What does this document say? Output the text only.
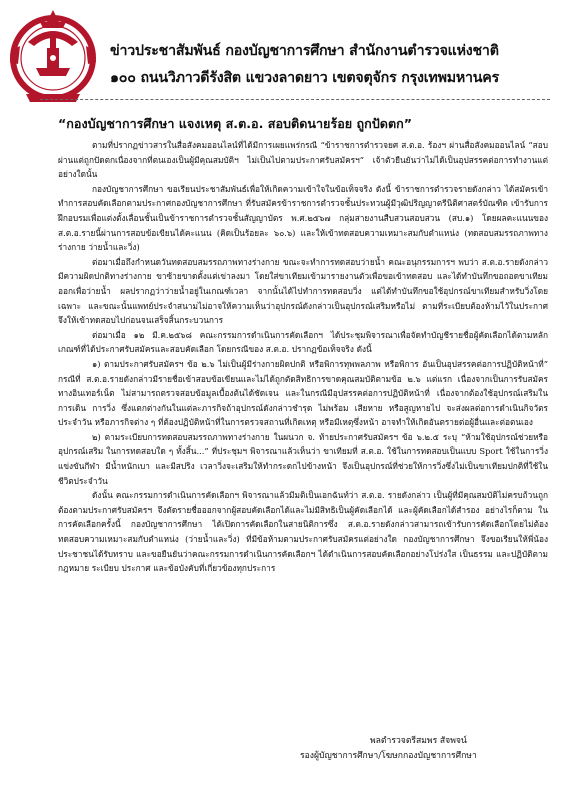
ข่าวประชาสัมพันธ์ กองบัญชาการศึกษา สำนักงานตำรวจแห่งชาติ
๑๐๐ ถนนวิภาวดีรังสิต แขวงลาดยาว เขตจตุจักร กรุงเทพมหานคร
“กองบัญชาการศึกษา แจงเหตุ ส.ต.อ. สอบติดนายร้อย ถูกปัดตก”

ตามที่ปรากฏข่าวสารในสื่อสังคมออนไลน์ที่ได้มีการเผยแพร่กรณี “ข้าราชการตำรวจยศ ส.ต.อ. ร้องฯ ผ่านสื่อสังคมออนไลน์ “สอบผ่านแต่ถูกปัดตกเนื่องจากที่ตนเองเป็นผู้มีคุณสมบัติฯ ไม่เป็นไปตามประกาศรับสมัครฯ” เจ้าตัวยืนยันว่าไม่ได้เป็นอุปสรรคต่อการทำงานแต่อย่างใดนั้น

กองบัญชาการศึกษา ขอเรียนประชาสัมพันธ์เพื่อให้เกิดความเข้าใจในข้อเท็จจริง ดังนี้ ข้าราชการตำรวจรายดังกล่าว ได้สมัครเข้าทำการสอบคัดเลือกตามประกาศกองบัญชาการศึกษา ที่รับสมัครข้าราชการตำรวจชั้นประทวนผู้มีวุฒิปริญญาตรีนิติศาสตร์บัณฑิต เข้ารับการฝึกอบรมเพื่อแต่งตั้งเลื่อนชั้นเป็นข้าราชการตำรวจชั้นสัญญาบัตร พ.ศ.๒๕๖๗ กลุ่มสายงานสืบสวนสอบสวน (สบ.๑) โดยผลคะแนนของ ส.ต.อ.รายนี้ผ่านการสอบข้อเขียนได้คะแนน (คิดเป็นร้อยละ ๖๐.๖) และให้เข้าทดสอบความเหมาะสมกับตำแหน่ง (ทดสอบสมรรถภาพทางร่างกาย ว่ายน้ำและวิ่ง)

ต่อมาเมื่อถึงกำหนดวันทดสอบสมรรถภาพทางร่างกาย ขณะจะทำการทดสอบว่ายน้ำ คณะอนุกรรมการฯ พบว่า ส.ต.อ.รายดังกล่าว มีความผิดปกติทางร่างกาย ขาซ้ายขาดตั้งแต่เข่าลงมา โดยใส่ขาเทียมเข้ามารายงานตัวเพื่อขอเข้าทดสอบ และได้ทำบันทึกขอถอดขาเทียมออกเพื่อว่ายน้ำ ผลปรากฏว่าว่ายน้ำอยู่ในเกณฑ์เวลา จากนั้นได้ไปทำการทดสอบวิ่ง แต่ได้ทำบันทึกขอใช้อุปกรณ์ขาเทียมสำหรับวิ่งโดยเฉพาะ และขณะนั้นแพทย์ประจำสนามไม่อาจให้ความเห็นว่าอุปกรณ์ดังกล่าวเป็นอุปกรณ์เสริมหรือไม่ ตามที่ระเบียบต้องห้ามไว้ในประกาศ จึงให้เข้าทดสอบไปก่อนจนเสร็จสิ้นกระบวนการ

ต่อมาเมื่อ ๑๒ มี.ค.๒๕๖๘ คณะกรรมการดำเนินการคัดเลือกฯ ได้ประชุมพิจารณาเพื่อจัดทำบัญชีรายชื่อผู้คัดเลือกได้ตามหลักเกณฑ์ที่ได้ประกาศรับสมัครและสอบคัดเลือก โดยกรณีของ ส.ต.อ. ปรากฏข้อเท็จจริง ดังนี้

๑) ตามประกาศรับสมัครฯ ข้อ ๒.๖ ไม่เป็นผู้มีร่างกายผิดปกติ หรือพิการทุพพลภาพ หรือพิการ อันเป็นอุปสรรคต่อการปฏิบัติหน้าที่” กรณีที่ ส.ต.อ.รายดังกล่าวมีรายชื่อเข้าสอบข้อเขียนและไม่ได้ถูกตัดสิทธิการขาดคุณสมบัติตามข้อ ๒.๖ แต่แรก เนื่องจากเป็นการรับสมัครทางอินเทอร์เน็ต ไม่สามารถตรวจสอบข้อมูลเบื้องต้นได้ชัดเจน และในกรณีมีอุปสรรคต่อการปฏิบัติหน้าที่ เนื่องจากต้องใช้อุปกรณ์เสริมในการเดิน การวิ่ง ซึ่งแตกต่างกันในแต่ละภารกิจถ้าอุปกรณ์ดังกล่าวชำรุด ไม่พร้อม เสียหาย หรือสูญหายไป จะส่งผลต่อการดำเนินกิจวัตรประจำวัน หรือภารกิจต่าง ๆ ที่ต้องปฏิบัติหน้าที่ในการตรวจสถานที่เกิดเหตุ หรือมีเหตุซึ่งหน้า อาจทำให้เกิดอันตรายต่อผู้อื่นและต่อตนเอง

๒) ตามระเบียบการทดสอบสมรรถภาพทางร่างกาย ในผนวก จ. ท้ายประกาศรับสมัครฯ ข้อ ๖.๒.๕ ระบุ “ห้ามใช้อุปกรณ์ช่วยหรืออุปกรณ์เสริม ในการทดสอบใด ๆ ทั้งสิ้น...” ที่ประชุมฯ พิจารณาแล้วเห็นว่า ขาเทียมที่ ส.ต.อ. ใช้ในการทดสอบเป็นแบบ Sport ใช้ในการวิ่งแข่งขันกีฬา มีน้ำหนักเบา และมีสปริง เวลาวิ่งจะเสริมให้ทำกระดกไปข้างหน้า จึงเป็นอุปกรณ์ที่ช่วยให้การวิ่งซึ่งไม่เป็นขาเทียมปกติที่ใช้ในชีวิตประจำวัน

ดังนั้น คณะกรรมการดำเนินการคัดเลือกฯ พิจารณาแล้วมีมติเป็นเอกฉันท์ว่า ส.ต.อ. รายดังกล่าว เป็นผู้ที่มีคุณสมบัติไม่ครบถ้วนถูกต้องตามประกาศรับสมัครฯ จึงตัดรายชื่อออกจากผู้สอบคัดเลือกได้และไม่มีสิทธิเป็นผู้คัดเลือกได้ และผู้คัดเลือกได้สำรอง อย่างไรก็ตาม ในการคัดเลือกครั้งนี้ กองบัญชาการศึกษา ได้เปิดการคัดเลือกในสายนิติการซึ่ง ส.ต.อ.รายดังกล่าวสามารถเข้ารับการคัดเลือกโดยไม่ต้องทดสอบความเหมาะสมกับตำแหน่ง (ว่ายน้ำและวิ่ง) ที่มีข้อห้ามตามประกาศรับสมัครแต่อย่างใด กองบัญชาการศึกษา จึงขอเรียนให้พี่น้องประชาชนได้รับทราบ และขอยืนยันว่าคณะกรรมการดำเนินการคัดเลือกฯ ได้ดำเนินการสอบคัดเลือกอย่างโปร่งใส เป็นธรรม และปฏิบัติตามกฎหมาย ระเบียบ ประกาศ และข้อบังคับที่เกี่ยวข้องทุกประการ

พลตำรวจตรีสมพร สัจพจน์
รองผู้บัญชาการศึกษา/โฆษกกองบัญชาการศึกษา
